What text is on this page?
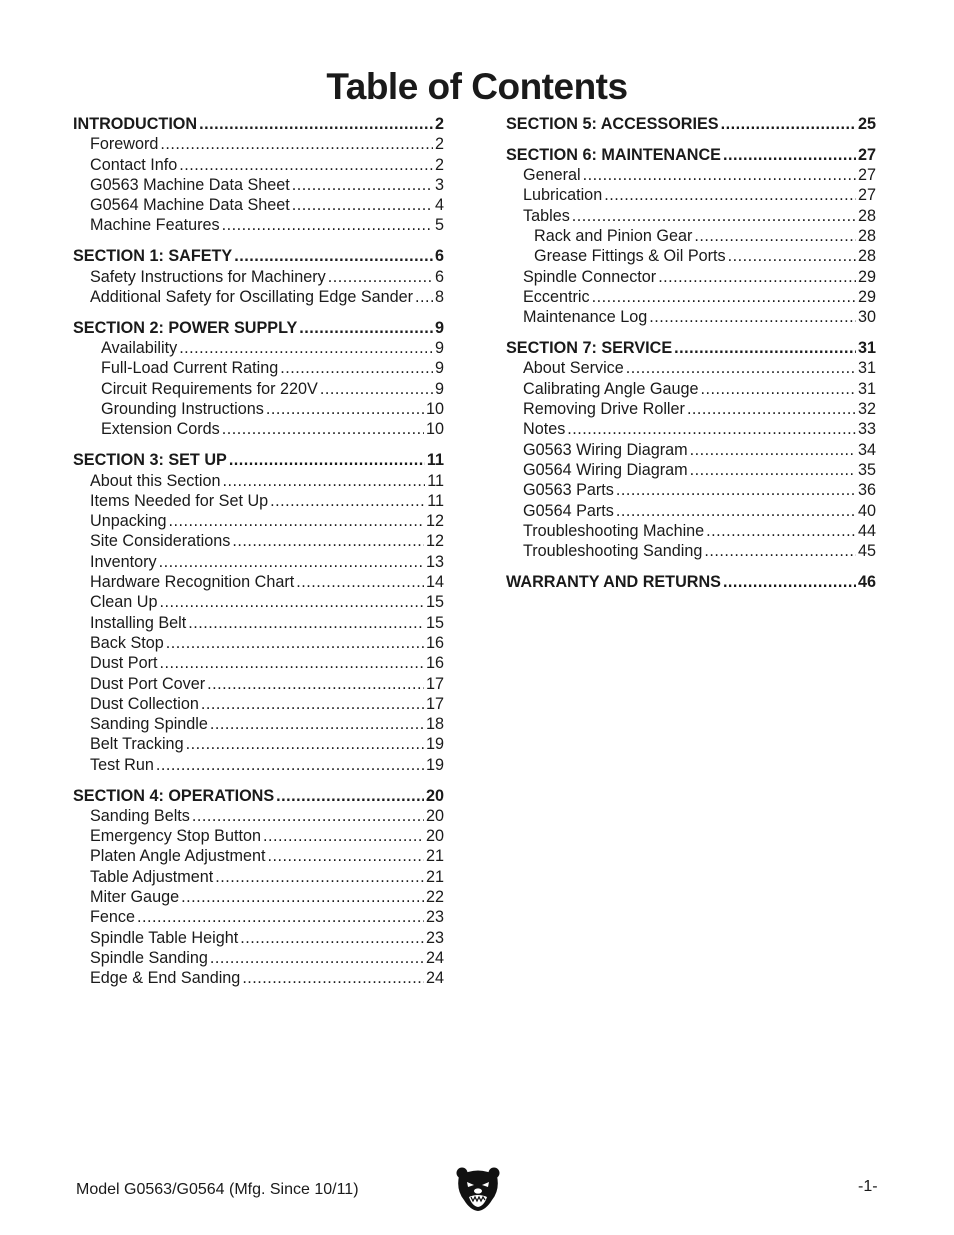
Table of Contents
INTRODUCTION .....	2
Foreword .....	2
Contact Info .....	2
G0563 Machine Data Sheet .....	3
G0564 Machine Data Sheet .....	4
Machine Features .....	5
SECTION 1: SAFETY .....	6
Safety Instructions for Machinery .....	6
Additional Safety for Oscillating Edge Sander ..... 8
SECTION 2: POWER SUPPLY .....	9
Availability .....	9
Full-Load Current Rating .....	9
Circuit Requirements for 220V .....	9
Grounding Instructions .....	10
Extension Cords .....	10
SECTION 3: SET UP .....	11
About this Section .....	11
Items Needed for Set Up .....	11
Unpacking .....	12
Site Considerations .....	12
Inventory .....	13
Hardware Recognition Chart .....	14
Clean Up .....	15
Installing Belt .....	15
Back Stop .....	16
Dust Port .....	16
Dust Port Cover .....	17
Dust Collection .....	17
Sanding Spindle .....	18
Belt Tracking .....	19
Test Run .....	19
SECTION 4: OPERATIONS .....	20
Sanding Belts .....	20
Emergency Stop Button .....	20
Platen Angle Adjustment .....	21
Table Adjustment .....	21
Miter Gauge .....	22
Fence .....	23
Spindle Table Height .....	23
Spindle Sanding .....	24
Edge & End Sanding .....	24
SECTION 5: ACCESSORIES .....	25
SECTION 6: MAINTENANCE .....	27
General .....	27
Lubrication .....	27
Tables .....	28
Rack and Pinion Gear .....	28
Grease Fittings & Oil Ports .....	28
Spindle Connector .....	29
Eccentric .....	29
Maintenance Log .....	30
SECTION 7: SERVICE .....	31
About Service .....	31
Calibrating Angle Gauge .....	31
Removing Drive Roller .....	32
Notes .....	33
G0563 Wiring Diagram .....	34
G0564 Wiring Diagram .....	35
G0563 Parts .....	36
G0564 Parts .....	40
Troubleshooting Machine .....	44
Troubleshooting Sanding .....	45
WARRANTY AND RETURNS .....	46
Model G0563/G0564 (Mfg. Since 10/11)	-1-
